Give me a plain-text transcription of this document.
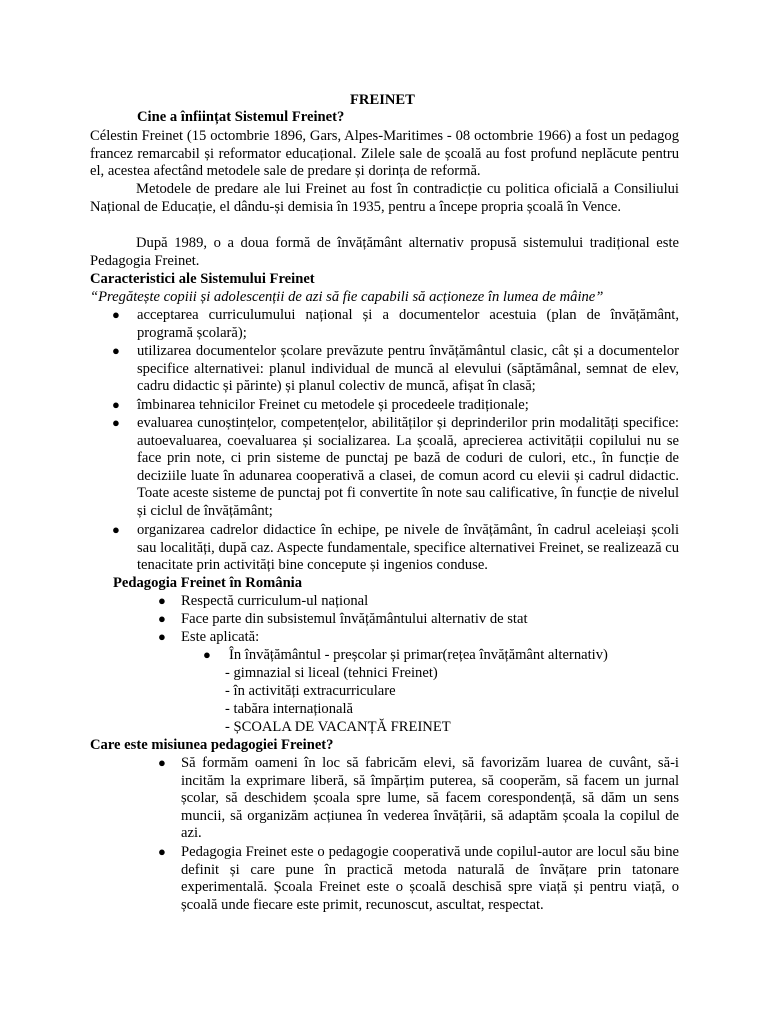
FREINET

Cine a înființat Sistemul Freinet?

Célestin Freinet (15 octombrie 1896, Gars, Alpes-Maritimes - 08 octombrie 1966) a fost un pedagog francez remarcabil și reformator educațional. Zilele sale de școală au fost profund neplăcute pentru el, acestea afectând metodele sale de predare și dorința de reformă.

Metodele de predare ale lui Freinet au fost în contradicție cu politica oficială a Consiliului Național de Educație, el dându-și demisia în 1935, pentru a începe propria școală în Vence.

După 1989, o a doua formă de învățământ alternativ propusă sistemului tradițional este Pedagogia Freinet.

Caracteristici ale Sistemului Freinet

“Pregătește copiii și adolescenții de azi să fie capabili să acționeze în lumea de mâine”

● acceptarea curriculumului național și a documentelor acestuia (plan de învățământ, programă școlară);

● utilizarea documentelor școlare prevăzute pentru învățământul clasic, cât și a documentelor specifice alternativei: planul individual de muncă al elevului (săptămânal, semnat de elev, cadru didactic și părinte) și planul colectiv de muncă, afișat în clasă;

● îmbinarea tehnicilor Freinet cu metodele și procedeele tradiționale;

● evaluarea cunoștințelor, competențelor, abilităților și deprinderilor prin modalități specifice: autoevaluarea, coevaluarea și socializarea. La școală, aprecierea activității copilului nu se face prin note, ci prin sisteme de punctaj pe bază de coduri de culori, etc., în funcție de deciziile luate în adunarea cooperativă a clasei, de comun acord cu elevii și cadrul didactic. Toate aceste sisteme de punctaj pot fi convertite în note sau calificative, în funcție de nivelul și ciclul de învățământ;

● organizarea cadrelor didactice în echipe, pe nivele de învățământ, în cadrul aceleiași școli sau localități, după caz. Aspecte fundamentale, specifice alternativei Freinet, se realizează cu tenacitate prin activități bine concepute și ingenios conduse.

Pedagogia Freinet în România

● Respectă curriculum-ul național

● Face parte din subsistemul învățământului alternativ de stat

● Este aplicată:

● În învățământul - preșcolar și primar(rețea învățământ alternativ)

- gimnazial si liceal (tehnici Freinet)

- în activități extracurriculare

- tabăra internațională

- ȘCOALA DE VACANȚĂ FREINET

Care este misiunea pedagogiei Freinet?

● Să formăm oameni în loc să fabricăm elevi, să favorizăm luarea de cuvânt, să-i incităm la exprimare liberă, să împărțim puterea, să cooperăm, să facem un jurnal școlar, să deschidem școala spre lume, să facem corespondență, să dăm un sens muncii, să organizăm acțiunea în vederea învățării, să adaptăm școala la copilul de azi.

● Pedagogia Freinet este o pedagogie cooperativă unde copilul-autor are locul său bine definit și care pune în practică metoda naturală de învățare prin tatonare experimentală. Școala Freinet este o școală deschisă spre viață și pentru viață, o școală unde fiecare este primit, recunoscut, ascultat, respectat.
